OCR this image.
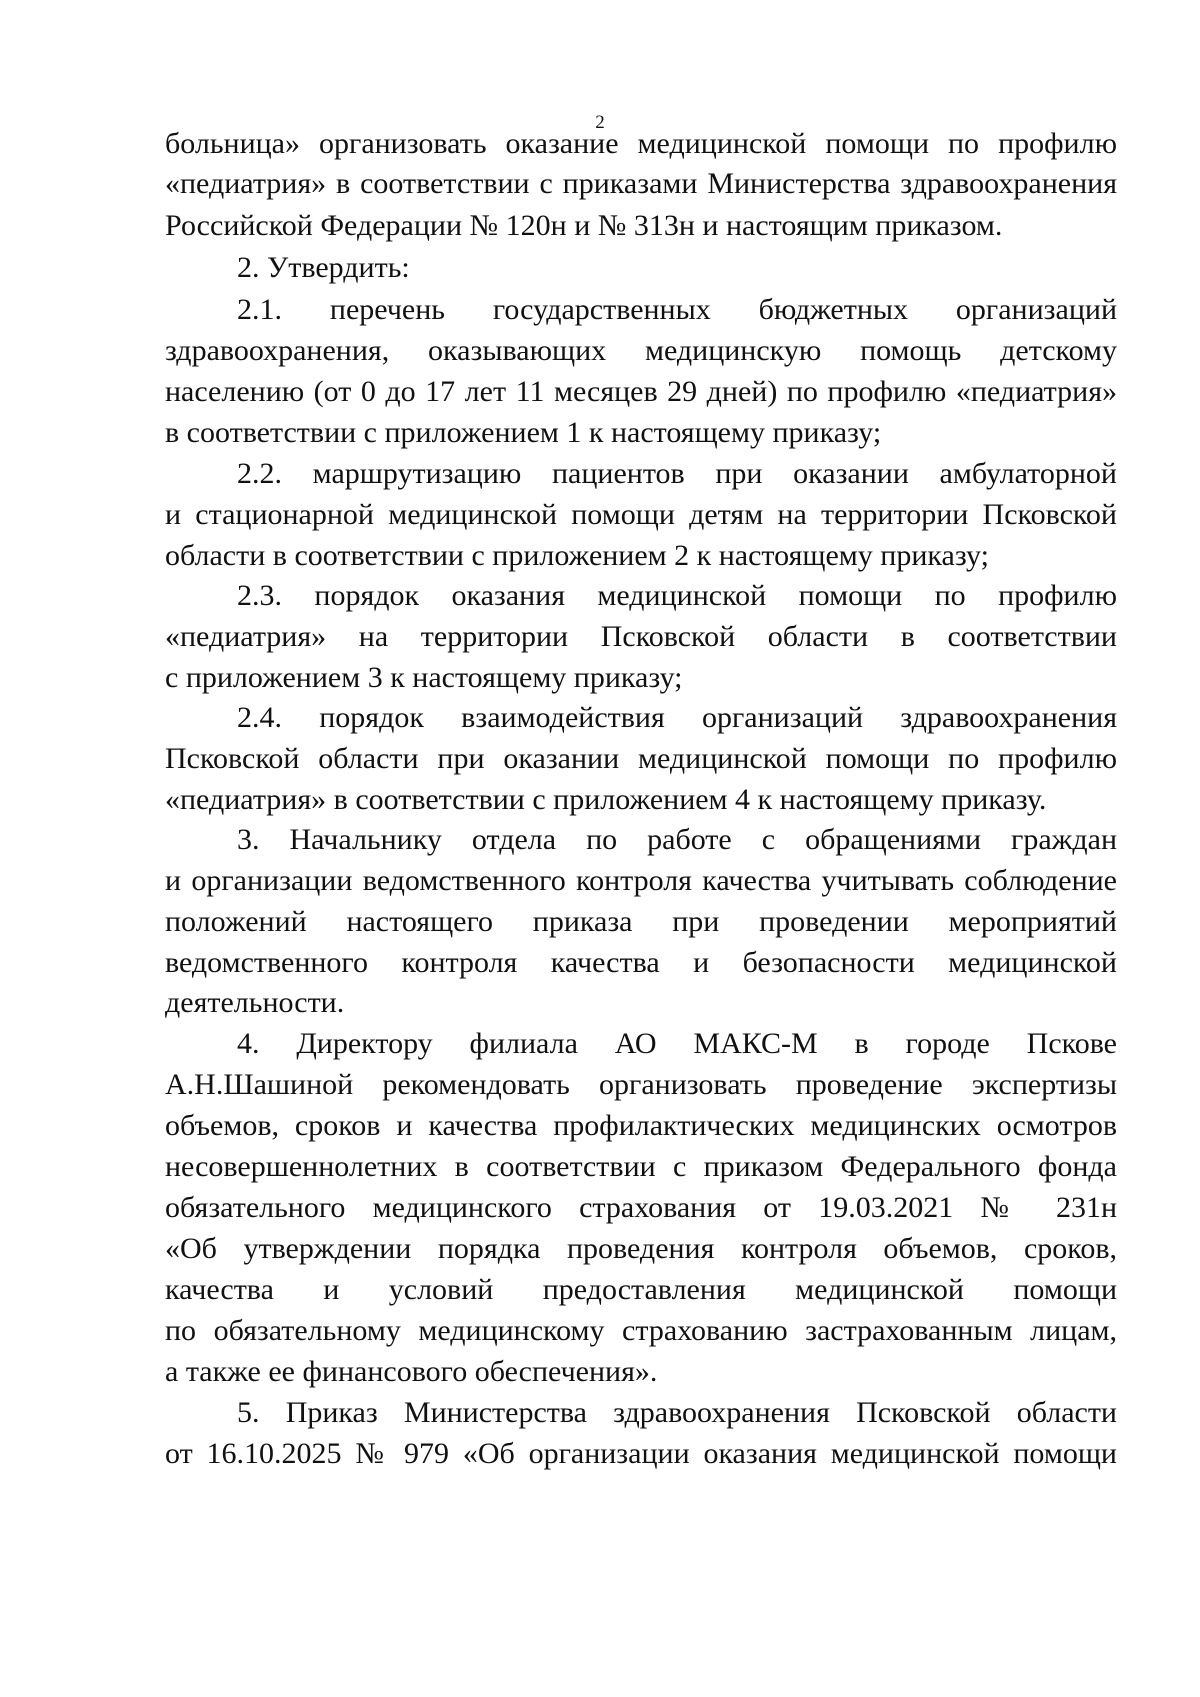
2
больница» организовать оказание медицинской помощи по профилю
«педиатрия» в соответствии с приказами Министерства здравоохранения
Российской Федерации № 120н и № 313н и настоящим приказом.
2. Утвердить:
2.1. перечень государственных бюджетных организаций
здравоохранения, оказывающих медицинскую помощь детскому
населению (от 0 до 17 лет 11 месяцев 29 дней) по профилю «педиатрия»
в соответствии с приложением 1 к настоящему приказу;
2.2. маршрутизацию пациентов при оказании амбулаторной
и стационарной медицинской помощи детям на территории Псковской
области в соответствии с приложением 2 к настоящему приказу;
2.3. порядок оказания медицинской помощи по профилю
«педиатрия» на территории Псковской области в соответствии
с приложением 3 к настоящему приказу;
2.4. порядок взаимодействия организаций здравоохранения
Псковской области при оказании медицинской помощи по профилю
«педиатрия» в соответствии с приложением 4 к настоящему приказу.
3. Начальнику отдела по работе с обращениями граждан
и организации ведомственного контроля качества учитывать соблюдение
положений настоящего приказа при проведении мероприятий
ведомственного контроля качества и безопасности медицинской
деятельности.
4. Директору филиала АО МАКС-М в городе Пскове
А.Н.Шашиной рекомендовать организовать проведение экспертизы
объемов, сроков и качества профилактических медицинских осмотров
несовершеннолетних в соответствии с приказом Федерального фонда
обязательного медицинского страхования от 19.03.2021 № 231н
«Об утверждении порядка проведения контроля объемов, сроков,
качества и условий предоставления медицинской помощи
по обязательному медицинскому страхованию застрахованным лицам,
а также ее финансового обеспечения».
5. Приказ Министерства здравоохранения Псковской области
от 16.10.2025 № 979 «Об организации оказания медицинской помощи
